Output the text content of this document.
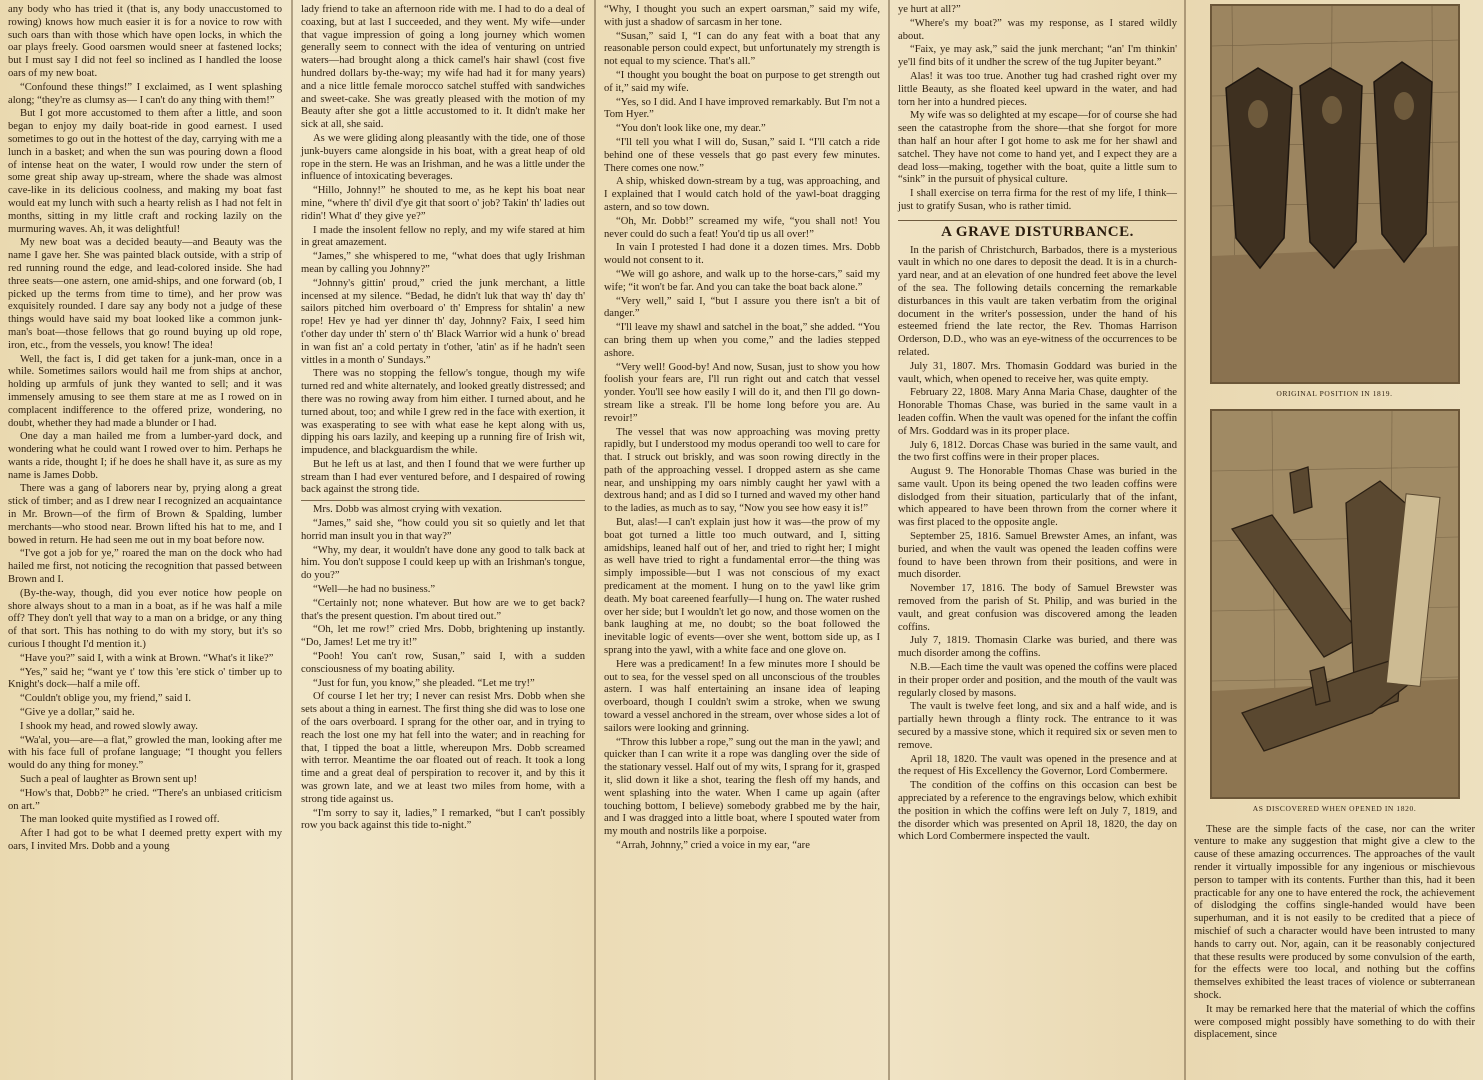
any body who has tried it (that is, any body unaccustomed to rowing) knows how much easier it is for a novice to row with such oars than with those which have open locks, in which the oar plays freely. Good oarsmen would sneer at fastened locks; but I must say I did not feel so inclined as I handled the loose oars of my new boat.

“Confound these things!” I exclaimed, as I went splashing along; “they're as clumsy as— I can't do any thing with them!”

But I got more accustomed to them after a little, and soon began to enjoy my daily boat-ride in good earnest. I used sometimes to go out in the hottest of the day, carrying with me a lunch in a basket; and when the sun was pouring down a flood of intense heat on the water, I would row under the stern of some great ship away up-stream, where the shade was almost cave-like in its delicious coolness, and making my boat fast would eat my lunch with such a hearty relish as I had not felt in months, sitting in my little craft and rocking lazily on the murmuring waves. Ah, it was delightful!

My new boat was a decided beauty—and Beauty was the name I gave her. She was painted black outside, with a strip of red running round the edge, and lead-colored inside. She had three seats—one astern, one amid-ships, and one forward (ob, I picked up the terms from time to time), and her prow was exquisitely rounded. I dare say any body not a judge of these things would have said my boat looked like a common junk-man's boat—those fellows that go round buying up old rope, iron, etc., from the vessels, you know! The idea!

Well, the fact is, I did get taken for a junk-man, once in a while. Sometimes sailors would hail me from ships at anchor, holding up armfuls of junk they wanted to sell; and it was immensely amusing to see them stare at me as I rowed on in complacent indifference to the offered prize, wondering, no doubt, whether they had made a blunder or I had.

One day a man hailed me from a lumber-yard dock, and wondering what he could want I rowed over to him. Perhaps he wants a ride, thought I; if he does he shall have it, as sure as my name is James Dobb.

There was a gang of laborers near by, prying along a great stick of timber; and as I drew near I recognized an acquaintance in Mr. Brown—of the firm of Brown & Spalding, lumber merchants—who stood near. Brown lifted his hat to me, and I bowed in return. He had seen me out in my boat before now.

“I've got a job for ye,” roared the man on the dock who had hailed me first, not noticing the recognition that passed between Brown and I.

(By-the-way, though, did you ever notice how people on shore always shout to a man in a boat, as if he was half a mile off? They don't yell that way to a man on a bridge, or any thing of that sort. This has nothing to do with my story, but it's so curious I thought I'd mention it.)

“Have you?” said I, with a wink at Brown. “What's it like?”

“Yes,” said he; “want ye t' tow this 'ere stick o' timber up to Knight's dock—half a mile off.

“Couldn't oblige you, my friend,” said I.

“Give ye a dollar,” said he.

I shook my head, and rowed slowly away.

“Wa'al, you—are—a flat,” growled the man, looking after me with his face full of profane language; “I thought you fellers would do any thing for money.”

Such a peal of laughter as Brown sent up!

“How's that, Dobb?” he cried. “There's an unbiased criticism on art.”

The man looked quite mystified as I rowed off.

After I had got to be what I deemed pretty expert with my oars, I invited Mrs. Dobb and a young

lady friend to take an afternoon ride with me. I had to do a deal of coaxing, but at last I succeeded, and they went. My wife—under that vague impression of going a long journey which women generally seem to connect with the idea of venturing on untried waters—had brought along a thick camel's hair shawl (cost five hundred dollars by-the-way; my wife had had it for many years) and a nice little female morocco satchel stuffed with sandwiches and sweet-cake. She was greatly pleased with the motion of my Beauty after she got a little accustomed to it. It didn't make her sick at all, she said.

As we were gliding along pleasantly with the tide, one of those junk-buyers came alongside in his boat, with a great heap of old rope in the stern. He was an Irishman, and he was a little under the influence of intoxicating beverages.

“Hillo, Johnny!” he shouted to me, as he kept his boat near mine, “where th' divil d'ye git that soort o' job? Takin' th' ladies out ridin'! What d' they give ye?”

I made the insolent fellow no reply, and my wife stared at him in great amazement.

“James,” she whispered to me, “what does that ugly Irishman mean by calling you Johnny?”

“Johnny's gittin' proud,” cried the junk merchant, a little incensed at my silence. “Bedad, he didn't luk that way th' day th' sailors pitched him overboard o' th' Empress for shtalin' a new rope! Hev ye had yer dinner th' day, Johnny? Faix, I seed him t'other day under th' stern o' th' Black Warrior wid a hunk o' bread in wan fist an' a cold pertaty in t'other, 'atin' as if he hadn't seen vittles in a month o' Sundays.”

There was no stopping the fellow's tongue, though my wife turned red and white alternately, and looked greatly distressed; and there was no rowing away from him either. I turned about, and he turned about, too; and while I grew red in the face with exertion, it was exasperating to see with what ease he kept along with us, dipping his oars lazily, and keeping up a running fire of Irish wit, impudence, and blackguardism the while.

But he left us at last, and then I found that we were further up stream than I had ever ventured before, and I despaired of rowing back against the strong tide.

Mrs. Dobb was almost crying with vexation.

“James,” said she, “how could you sit so quietly and let that horrid man insult you in that way?”

“Why, my dear, it wouldn't have done any good to talk back at him. You don't suppose I could keep up with an Irishman's tongue, do you?”

“Well—he had no business.”

“Certainly not; none whatever. But how are we to get back? that's the present question. I'm about tired out.”

“Oh, let me row!” cried Mrs. Dobb, brightening up instantly. “Do, James! Let me try it!”

“Pooh! You can't row, Susan,” said I, with a sudden consciousness of my boating ability.

“Just for fun, you know,” she pleaded. “Let me try!”

Of course I let her try; I never can resist Mrs. Dobb when she sets about a thing in earnest. The first thing she did was to lose one of the oars overboard. I sprang for the other oar, and in trying to reach the lost one my hat fell into the water; and in reaching for that, I tipped the boat a little, whereupon Mrs. Dobb screamed with terror. Meantime the oar floated out of reach. It took a long time and a great deal of perspiration to recover it, and by this it was grown late, and we at least two miles from home, with a strong tide against us.

“I'm sorry to say it, ladies,” I remarked, “but I can't possibly row you back against this tide to-night.”

“Why, I thought you such an expert oarsman,” said my wife, with just a shadow of sarcasm in her tone.

“Susan,” said I, “I can do any feat with a boat that any reasonable person could expect, but unfortunately my strength is not equal to my science. That's all.”

“I thought you bought the boat on purpose to get strength out of it,” said my wife.

“Yes, so I did. And I have improved remarkably. But I'm not a Tom Hyer.”

“You don't look like one, my dear.”

“I'll tell you what I will do, Susan,” said I. “I'll catch a ride behind one of these vessels that go past every few minutes. There comes one now.”

A ship, whisked down-stream by a tug, was approaching, and I explained that I would catch hold of the yawl-boat dragging astern, and so tow down.

“Oh, Mr. Dobb!” screamed my wife, “you shall not! You never could do such a feat! You'd tip us all over!”

In vain I protested I had done it a dozen times. Mrs. Dobb would not consent to it.

“We will go ashore, and walk up to the horse-cars,” said my wife; “it won't be far. And you can take the boat back alone.”

“Very well,” said I, “but I assure you there isn't a bit of danger.”

“I'll leave my shawl and satchel in the boat,” she added. “You can bring them up when you come,” and the ladies stepped ashore.

“Very well! Good-by! And now, Susan, just to show you how foolish your fears are, I'll run right out and catch that vessel yonder. You'll see how easily I will do it, and then I'll go down-stream like a streak. I'll be home long before you are. Au revoir!”

The vessel that was now approaching was moving pretty rapidly, but I understood my modus operandi too well to care for that. I struck out briskly, and was soon rowing directly in the path of the approaching vessel. I dropped astern as she came near, and unshipping my oars nimbly caught her yawl with a dextrous hand; and as I did so I turned and waved my other hand to the ladies, as much as to say, “Now you see how easy it is!”

But, alas!—I can't explain just how it was—the prow of my boat got turned a little too much outward, and I, sitting amidships, leaned half out of her, and tried to right her; I might as well have tried to right a fundamental error—the thing was simply impossible—but I was not conscious of my exact predicament at the moment. I hung on to the yawl like grim death. My boat careened fearfully—I hung on. The water rushed over her side; but I wouldn't let go now, and those women on the bank laughing at me, no doubt; so the boat followed the inevitable logic of events—over she went, bottom side up, as I sprang into the yawl, with a white face and one glove on.

Here was a predicament! In a few minutes more I should be out to sea, for the vessel sped on all unconscious of the troubles astern. I was half entertaining an insane idea of leaping overboard, though I couldn't swim a stroke, when we swung toward a vessel anchored in the stream, over whose sides a lot of sailors were looking and grinning.

“Throw this lubber a rope,” sung out the man in the yawl; and quicker than I can write it a rope was dangling over the side of the stationary vessel. Half out of my wits, I sprang for it, grasped it, slid down it like a shot, tearing the flesh off my hands, and went splashing into the water. When I came up again (after touching bottom, I believe) somebody grabbed me by the hair, and I was dragged into a little boat, where I spouted water from my mouth and nostrils like a porpoise.

“Arrah, Johnny,” cried a voice in my ear, “are

ye hurt at all?”

“Where's my boat?” was my response, as I stared wildly about.

“Faix, ye may ask,” said the junk merchant; “an' I'm thinkin' ye'll find bits of it undher the screw of the tug Jupiter beyant.”

Alas! it was too true. Another tug had crashed right over my little Beauty, as she floated keel upward in the water, and had torn her into a hundred pieces.

My wife was so delighted at my escape—for of course she had seen the catastrophe from the shore—that she forgot for more than half an hour after I got home to ask me for her shawl and satchel. They have not come to hand yet, and I expect they are a dead loss—making, together with the boat, quite a little sum to “sink” in the pursuit of physical culture.

I shall exercise on terra firma for the rest of my life, I think—just to gratify Susan, who is rather timid.

A GRAVE DISTURBANCE.

In the parish of Christchurch, Barbados, there is a mysterious vault in which no one dares to deposit the dead. It is in a church-yard near, and at an elevation of one hundred feet above the level of the sea. The following details concerning the remarkable disturbances in this vault are taken verbatim from the original document in the writer's possession, under the hand of his esteemed friend the late rector, the Rev. Thomas Harrison Orderson, D.D., who was an eye-witness of the occurrences to be related.

July 31, 1807. Mrs. Thomasin Goddard was buried in the vault, which, when opened to receive her, was quite empty.

February 22, 1808. Mary Anna Maria Chase, daughter of the Honorable Thomas Chase, was buried in the same vault in a leaden coffin. When the vault was opened for the infant the coffin of Mrs. Goddard was in its proper place.

July 6, 1812. Dorcas Chase was buried in the same vault, and the two first coffins were in their proper places.

August 9. The Honorable Thomas Chase was buried in the same vault. Upon its being opened the two leaden coffins were dislodged from their situation, particularly that of the infant, which appeared to have been thrown from the corner where it was first placed to the opposite angle.

September 25, 1816. Samuel Brewster Ames, an infant, was buried, and when the vault was opened the leaden coffins were found to have been thrown from their positions, and were in much disorder.

November 17, 1816. The body of Samuel Brewster was removed from the parish of St. Philip, and was buried in the vault, and great confusion was discovered among the leaden coffins.

July 7, 1819. Thomasin Clarke was buried, and there was much disorder among the coffins.

N.B.—Each time the vault was opened the coffins were placed in their proper order and position, and the mouth of the vault was regularly closed by masons.

The vault is twelve feet long, and six and a half wide, and is partially hewn through a flinty rock. The entrance to it was secured by a massive stone, which it required six or seven men to remove.

April 18, 1820. The vault was opened in the presence and at the request of His Excellency the Governor, Lord Combermere.

The condition of the coffins on this occasion can best be appreciated by a reference to the engravings below, which exhibit the position in which the coffins were left on July 7, 1819, and the disorder which was presented on April 18, 1820, the day on which Lord Combermere inspected the vault.

ORIGINAL POSITION IN 1819.
AS DISCOVERED WHEN OPENED IN 1820.

These are the simple facts of the case, nor can the writer venture to make any suggestion that might give a clew to the cause of these amazing occurrences. The approaches of the vault render it virtually impossible for any ingenious or mischievous person to tamper with its contents. Further than this, had it been practicable for any one to have entered the rock, the achievement of dislodging the coffins single-handed would have been superhuman, and it is not easily to be credited that a piece of mischief of such a character would have been intrusted to many hands to carry out. Nor, again, can it be reasonably conjectured that these results were produced by some convulsion of the earth, for the effects were too local, and nothing but the coffins themselves exhibited the least traces of violence or subterranean shock.

It may be remarked here that the material of which the coffins were composed might possibly have something to do with their displacement, since
